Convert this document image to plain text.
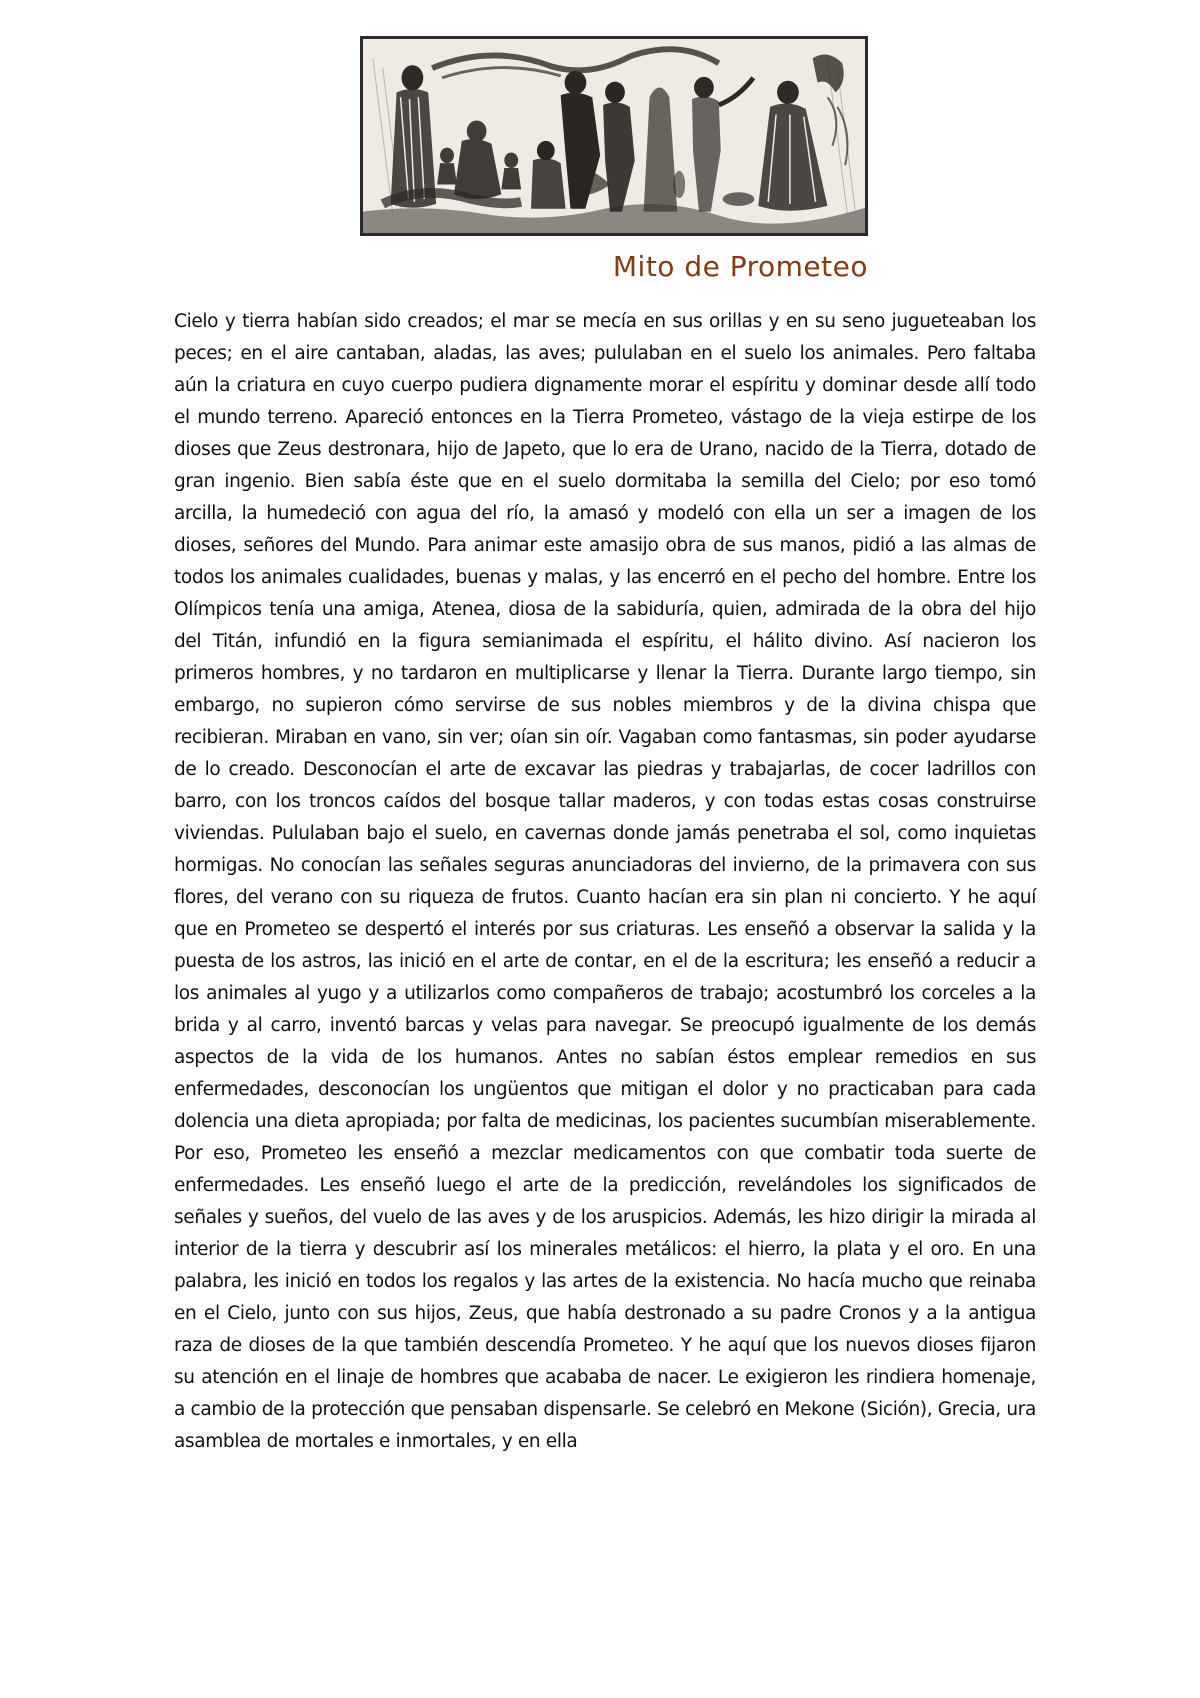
Mito de Prometeo

Cielo y tierra habían sido creados; el mar se mecía en sus orillas y en su seno jugueteaban los peces; en el aire cantaban, aladas, las aves; pululaban en el suelo los animales. Pero faltaba aún la criatura en cuyo cuerpo pudiera dignamente morar el espíritu y dominar desde allí todo el mundo terreno. Apareció entonces en la Tierra Prometeo, vástago de la vieja estirpe de los dioses que Zeus destronara, hijo de Japeto, que lo era de Urano, nacido de la Tierra, dotado de gran ingenio. Bien sabía éste que en el suelo dormitaba la semilla del Cielo; por eso tomó arcilla, la humedeció con agua del río, la amasó y modeló con ella un ser a imagen de los dioses, señores del Mundo. Para animar este amasijo obra de sus manos, pidió a las almas de todos los animales cualidades, buenas y malas, y las encerró en el pecho del hombre. Entre los Olímpicos tenía una amiga, Atenea, diosa de la sabiduría, quien, admirada de la obra del hijo del Titán, infundió en la figura semianimada el espíritu, el hálito divino. Así nacieron los primeros hombres, y no tardaron en multiplicarse y llenar la Tierra. Durante largo tiempo, sin embargo, no supieron cómo servirse de sus nobles miembros y de la divina chispa que recibieran. Miraban en vano, sin ver; oían sin oír. Vagaban como fantasmas, sin poder ayudarse de lo creado. Desconocían el arte de excavar las piedras y trabajarlas, de cocer ladrillos con barro, con los troncos caídos del bosque tallar maderos, y con todas estas cosas construirse viviendas. Pululaban bajo el suelo, en cavernas donde jamás penetraba el sol, como inquietas hormigas. No conocían las señales seguras anunciadoras del invierno, de la primavera con sus flores, del verano con su riqueza de frutos. Cuanto hacían era sin plan ni concierto. Y he aquí que en Prometeo se despertó el interés por sus criaturas. Les enseñó a observar la salida y la puesta de los astros, las inició en el arte de contar, en el de la escritura; les enseñó a reducir a los animales al yugo y a utilizarlos como compañeros de trabajo; acostumbró los corceles a la brida y al carro, inventó barcas y velas para navegar. Se preocupó igualmente de los demás aspectos de la vida de los humanos. Antes no sabían éstos emplear remedios en sus enfermedades, desconocían los ungüentos que mitigan el dolor y no practicaban para cada dolencia una dieta apropiada; por falta de medicinas, los pacientes sucumbían miserablemente. Por eso, Prometeo les enseñó a mezclar medicamentos con que combatir toda suerte de enfermedades. Les enseñó luego el arte de la predicción, revelándoles los significados de señales y sueños, del vuelo de las aves y de los aruspicios. Además, les hizo dirigir la mirada al interior de la tierra y descubrir así los minerales metálicos: el hierro, la plata y el oro. En una palabra, les inició en todos los regalos y las artes de la existencia. No hacía mucho que reinaba en el Cielo, junto con sus hijos, Zeus, que había destronado a su padre Cronos y a la antigua raza de dioses de la que también descendía Prometeo. Y he aquí que los nuevos dioses fijaron su atención en el linaje de hombres que acababa de nacer. Le exigieron les rindiera homenaje, a cambio de la protección que pensaban dispensarle. Se celebró en Mekone (Sición), Grecia, ura asamblea de mortales e inmortales, y en ella
